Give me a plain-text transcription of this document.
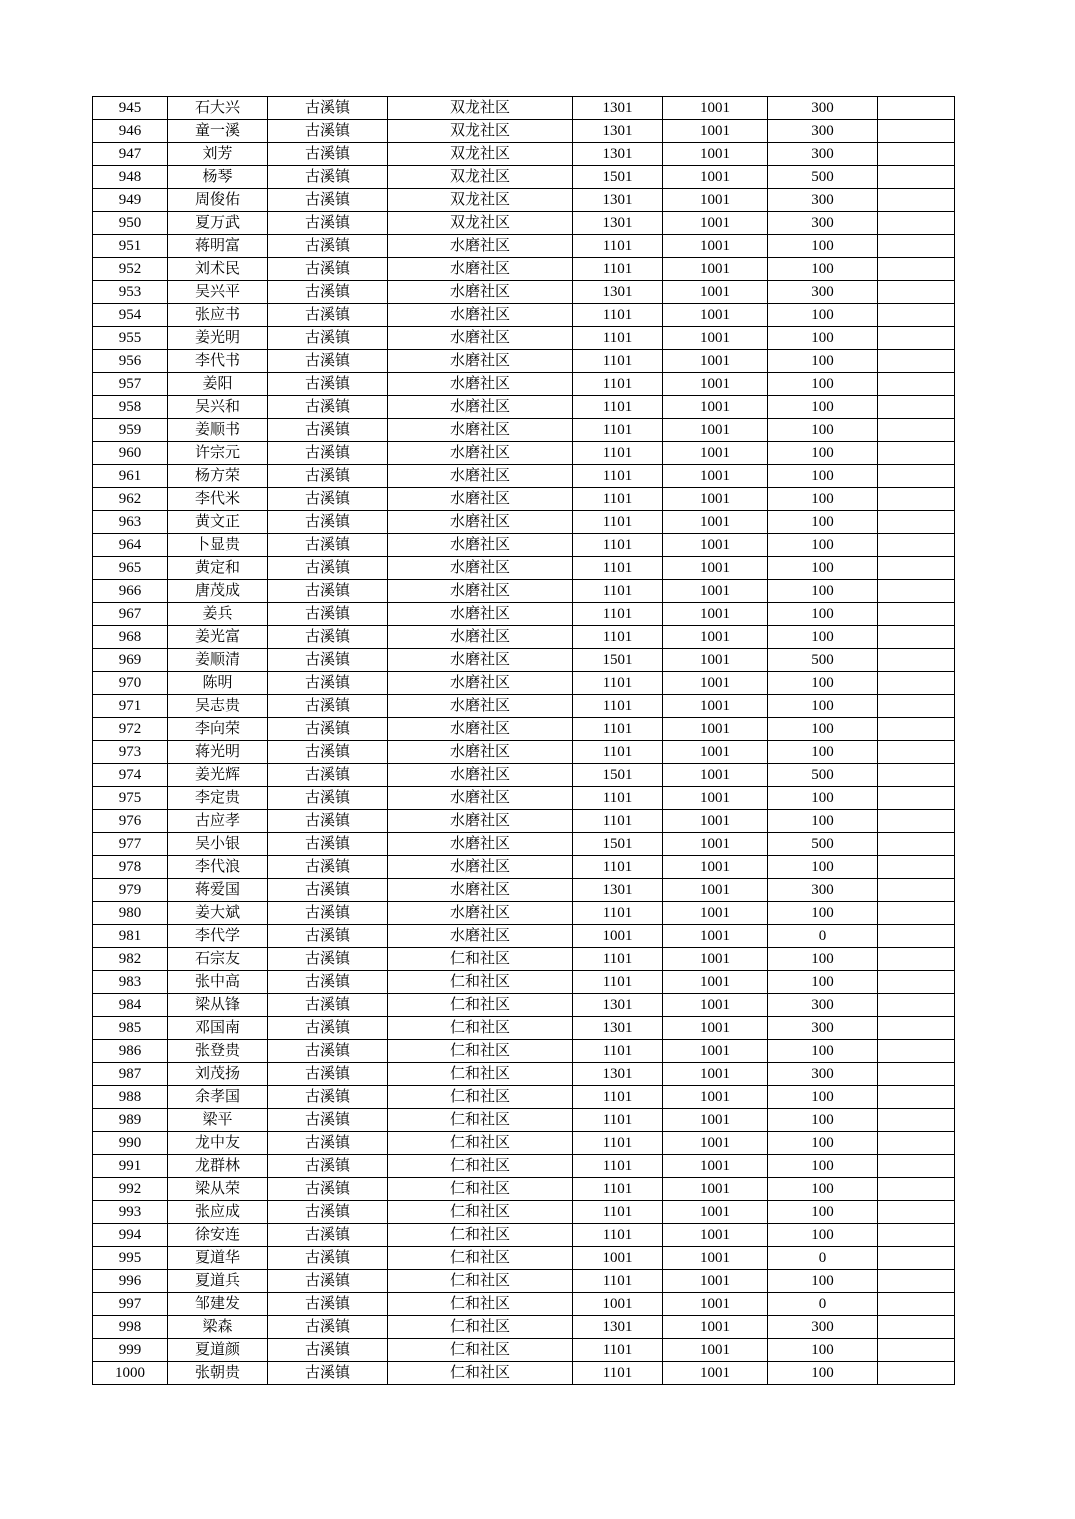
945	石大兴	古溪镇	双龙社区	1301	1001	300	
946	童一溪	古溪镇	双龙社区	1301	1001	300	
947	刘芳	古溪镇	双龙社区	1301	1001	300	
948	杨琴	古溪镇	双龙社区	1501	1001	500	
949	周俊佑	古溪镇	双龙社区	1301	1001	300	
950	夏万武	古溪镇	双龙社区	1301	1001	300	
951	蒋明富	古溪镇	水磨社区	1101	1001	100	
952	刘术民	古溪镇	水磨社区	1101	1001	100	
953	吴兴平	古溪镇	水磨社区	1301	1001	300	
954	张应书	古溪镇	水磨社区	1101	1001	100	
955	姜光明	古溪镇	水磨社区	1101	1001	100	
956	李代书	古溪镇	水磨社区	1101	1001	100	
957	姜阳	古溪镇	水磨社区	1101	1001	100	
958	吴兴和	古溪镇	水磨社区	1101	1001	100	
959	姜顺书	古溪镇	水磨社区	1101	1001	100	
960	许宗元	古溪镇	水磨社区	1101	1001	100	
961	杨方荣	古溪镇	水磨社区	1101	1001	100	
962	李代米	古溪镇	水磨社区	1101	1001	100	
963	黄文正	古溪镇	水磨社区	1101	1001	100	
964	卜显贵	古溪镇	水磨社区	1101	1001	100	
965	黄定和	古溪镇	水磨社区	1101	1001	100	
966	唐茂成	古溪镇	水磨社区	1101	1001	100	
967	姜兵	古溪镇	水磨社区	1101	1001	100	
968	姜光富	古溪镇	水磨社区	1101	1001	100	
969	姜顺清	古溪镇	水磨社区	1501	1001	500	
970	陈明	古溪镇	水磨社区	1101	1001	100	
971	吴志贵	古溪镇	水磨社区	1101	1001	100	
972	李向荣	古溪镇	水磨社区	1101	1001	100	
973	蒋光明	古溪镇	水磨社区	1101	1001	100	
974	姜光辉	古溪镇	水磨社区	1501	1001	500	
975	李定贵	古溪镇	水磨社区	1101	1001	100	
976	古应孝	古溪镇	水磨社区	1101	1001	100	
977	吴小银	古溪镇	水磨社区	1501	1001	500	
978	李代浪	古溪镇	水磨社区	1101	1001	100	
979	蒋爱国	古溪镇	水磨社区	1301	1001	300	
980	姜大斌	古溪镇	水磨社区	1101	1001	100	
981	李代学	古溪镇	水磨社区	1001	1001	0	
982	石宗友	古溪镇	仁和社区	1101	1001	100	
983	张中高	古溪镇	仁和社区	1101	1001	100	
984	梁从锋	古溪镇	仁和社区	1301	1001	300	
985	邓国南	古溪镇	仁和社区	1301	1001	300	
986	张登贵	古溪镇	仁和社区	1101	1001	100	
987	刘茂扬	古溪镇	仁和社区	1301	1001	300	
988	余孝国	古溪镇	仁和社区	1101	1001	100	
989	梁平	古溪镇	仁和社区	1101	1001	100	
990	龙中友	古溪镇	仁和社区	1101	1001	100	
991	龙群林	古溪镇	仁和社区	1101	1001	100	
992	梁从荣	古溪镇	仁和社区	1101	1001	100	
993	张应成	古溪镇	仁和社区	1101	1001	100	
994	徐安连	古溪镇	仁和社区	1101	1001	100	
995	夏道华	古溪镇	仁和社区	1001	1001	0	
996	夏道兵	古溪镇	仁和社区	1101	1001	100	
997	邹建发	古溪镇	仁和社区	1001	1001	0	
998	梁森	古溪镇	仁和社区	1301	1001	300	
999	夏道颜	古溪镇	仁和社区	1101	1001	100	
1000	张朝贵	古溪镇	仁和社区	1101	1001	100	
